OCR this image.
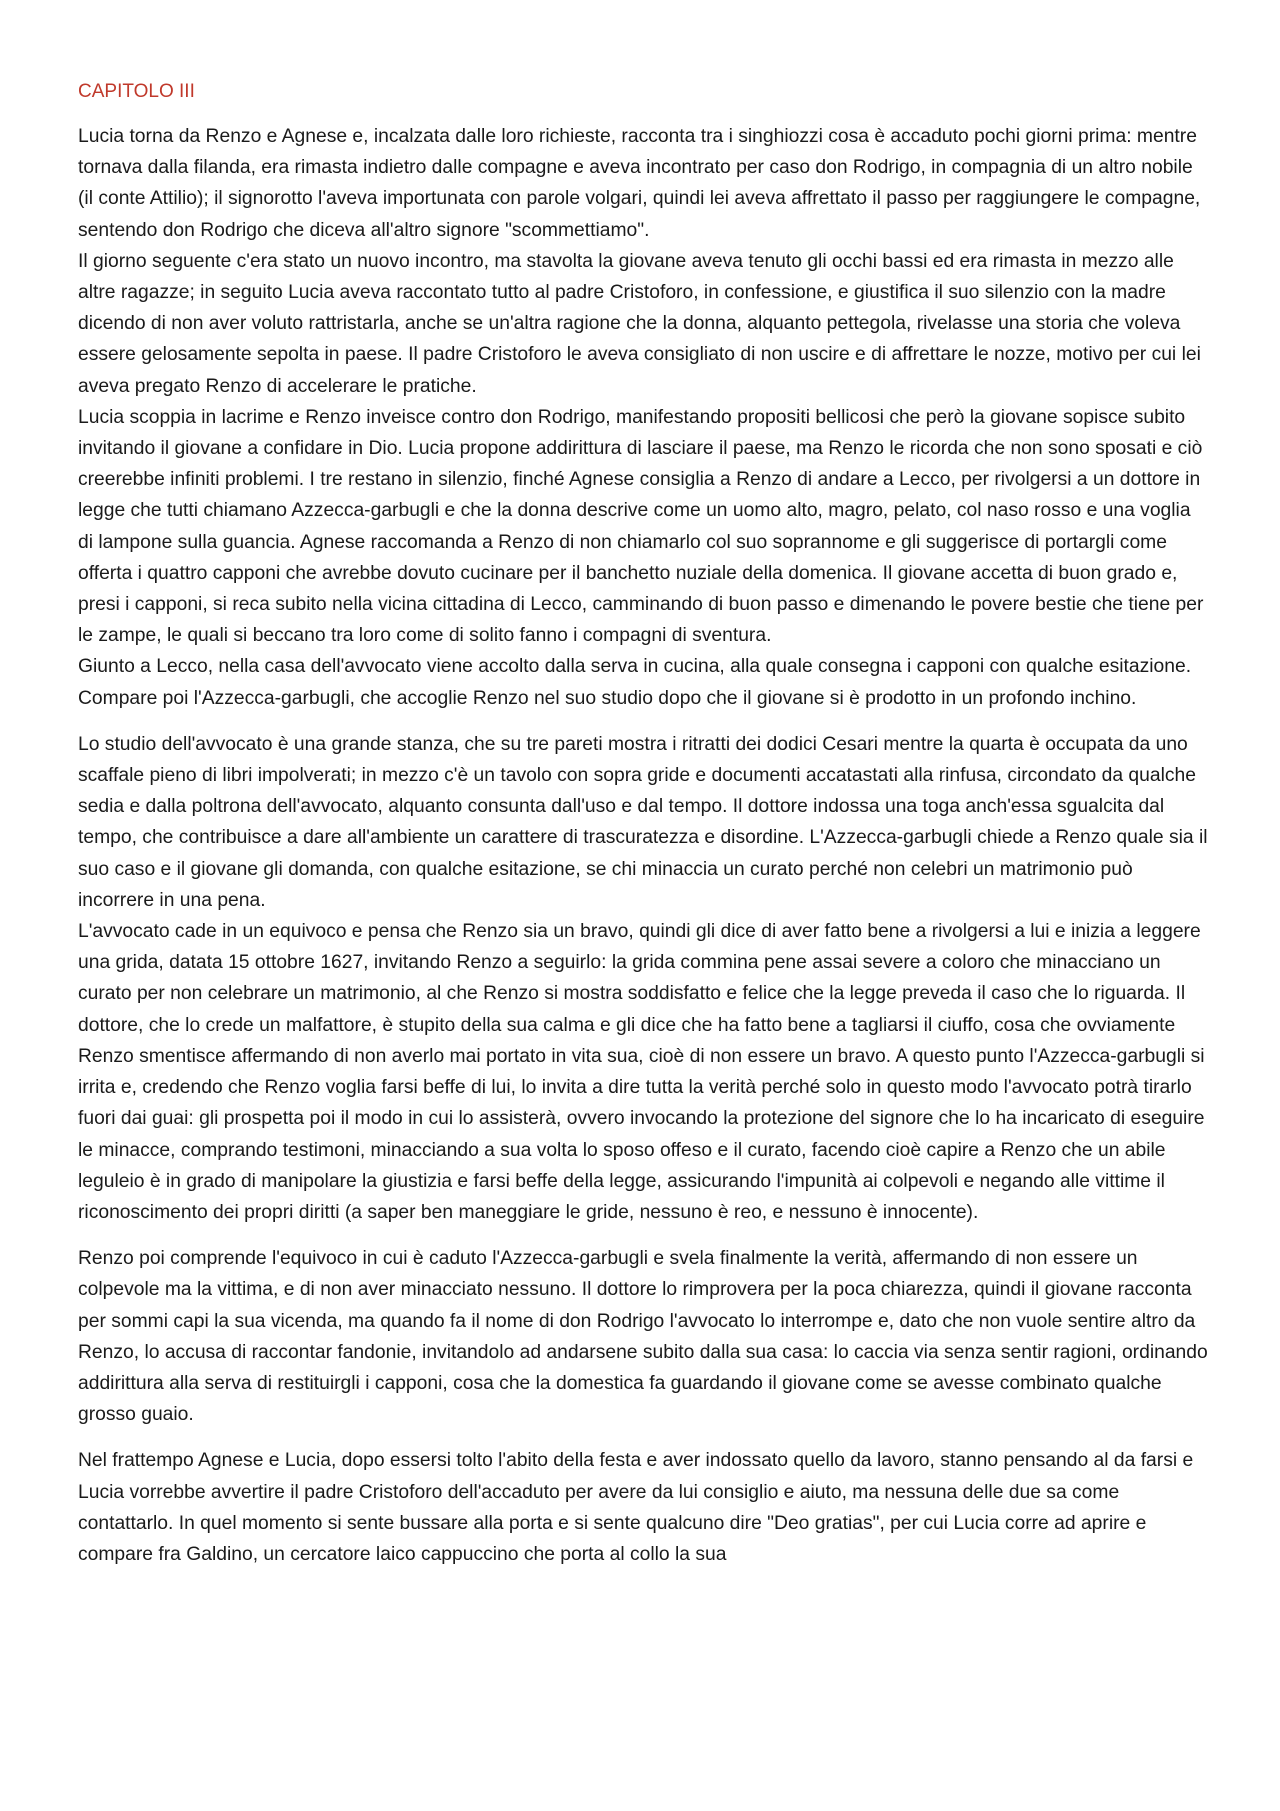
CAPITOLO III
Lucia torna da Renzo e Agnese e, incalzata dalle loro richieste, racconta tra i singhiozzi cosa è accaduto pochi giorni prima: mentre tornava dalla filanda, era rimasta indietro dalle compagne e aveva incontrato per caso don Rodrigo, in compagnia di un altro nobile (il conte Attilio); il signorotto l'aveva importunata con parole volgari, quindi lei aveva affrettato il passo per raggiungere le compagne, sentendo don Rodrigo che diceva all'altro signore "scommettiamo".
Il giorno seguente c'era stato un nuovo incontro, ma stavolta la giovane aveva tenuto gli occhi bassi ed era rimasta in mezzo alle altre ragazze; in seguito Lucia aveva raccontato tutto al padre Cristoforo, in confessione, e giustifica il suo silenzio con la madre dicendo di non aver voluto rattristarla, anche se un'altra ragione che la donna, alquanto pettegola, rivelasse una storia che voleva essere gelosamente sepolta in paese. Il padre Cristoforo le aveva consigliato di non uscire e di affrettare le nozze, motivo per cui lei aveva pregato Renzo di accelerare le pratiche.
Lucia scoppia in lacrime e Renzo inveisce contro don Rodrigo, manifestando propositi bellicosi che però la giovane sopisce subito invitando il giovane a confidare in Dio. Lucia propone addirittura di lasciare il paese, ma Renzo le ricorda che non sono sposati e ciò creerebbe infiniti problemi. I tre restano in silenzio, finché Agnese consiglia a Renzo di andare a Lecco, per rivolgersi a un dottore in legge che tutti chiamano Azzecca-garbugli e che la donna descrive come un uomo alto, magro, pelato, col naso rosso e una voglia di lampone sulla guancia. Agnese raccomanda a Renzo di non chiamarlo col suo soprannome e gli suggerisce di portargli come offerta i quattro capponi che avrebbe dovuto cucinare per il banchetto nuziale della domenica. Il giovane accetta di buon grado e, presi i capponi, si reca subito nella vicina cittadina di Lecco, camminando di buon passo e dimenando le povere bestie che tiene per le zampe, le quali si beccano tra loro come di solito fanno i compagni di sventura.
Giunto a Lecco, nella casa dell'avvocato viene accolto dalla serva in cucina, alla quale consegna i capponi con qualche esitazione. Compare poi l'Azzecca-garbugli, che accoglie Renzo nel suo studio dopo che il giovane si è prodotto in un profondo inchino.
Lo studio dell'avvocato è una grande stanza, che su tre pareti mostra i ritratti dei dodici Cesari mentre la quarta è occupata da uno scaffale pieno di libri impolverati; in mezzo c'è un tavolo con sopra gride e documenti accatastati alla rinfusa, circondato da qualche sedia e dalla poltrona dell'avvocato, alquanto consunta dall'uso e dal tempo. Il dottore indossa una toga anch'essa sgualcita dal tempo, che contribuisce a dare all'ambiente un carattere di trascuratezza e disordine. L'Azzecca-garbugli chiede a Renzo quale sia il suo caso e il giovane gli domanda, con qualche esitazione, se chi minaccia un curato perché non celebri un matrimonio può incorrere in una pena.
L'avvocato cade in un equivoco e pensa che Renzo sia un bravo, quindi gli dice di aver fatto bene a rivolgersi a lui e inizia a leggere una grida, datata 15 ottobre 1627, invitando Renzo a seguirlo: la grida commina pene assai severe a coloro che minacciano un curato per non celebrare un matrimonio, al che Renzo si mostra soddisfatto e felice che la legge preveda il caso che lo riguarda. Il dottore, che lo crede un malfattore, è stupito della sua calma e gli dice che ha fatto bene a tagliarsi il ciuffo, cosa che ovviamente Renzo smentisce affermando di non averlo mai portato in vita sua, cioè di non essere un bravo. A questo punto l'Azzecca-garbugli si irrita e, credendo che Renzo voglia farsi beffe di lui, lo invita a dire tutta la verità perché solo in questo modo l'avvocato potrà tirarlo fuori dai guai: gli prospetta poi il modo in cui lo assisterà, ovvero invocando la protezione del signore che lo ha incaricato di eseguire le minacce, comprando testimoni, minacciando a sua volta lo sposo offeso e il curato, facendo cioè capire a Renzo che un abile leguleio è in grado di manipolare la giustizia e farsi beffe della legge, assicurando l'impunità ai colpevoli e negando alle vittime il riconoscimento dei propri diritti (a saper ben maneggiare le gride, nessuno è reo, e nessuno è innocente).
Renzo poi comprende l'equivoco in cui è caduto l'Azzecca-garbugli e svela finalmente la verità, affermando di non essere un colpevole ma la vittima, e di non aver minacciato nessuno. Il dottore lo rimprovera per la poca chiarezza, quindi il giovane racconta per sommi capi la sua vicenda, ma quando fa il nome di don Rodrigo l'avvocato lo interrompe e, dato che non vuole sentire altro da Renzo, lo accusa di raccontar fandonie, invitandolo ad andarsene subito dalla sua casa: lo caccia via senza sentir ragioni, ordinando addirittura alla serva di restituirgli i capponi, cosa che la domestica fa guardando il giovane come se avesse combinato qualche grosso guaio.
Nel frattempo Agnese e Lucia, dopo essersi tolto l'abito della festa e aver indossato quello da lavoro, stanno pensando al da farsi e Lucia vorrebbe avvertire il padre Cristoforo dell'accaduto per avere da lui consiglio e aiuto, ma nessuna delle due sa come contattarlo. In quel momento si sente bussare alla porta e si sente qualcuno dire "Deo gratias", per cui Lucia corre ad aprire e compare fra Galdino, un cercatore laico cappuccino che porta al collo la sua
